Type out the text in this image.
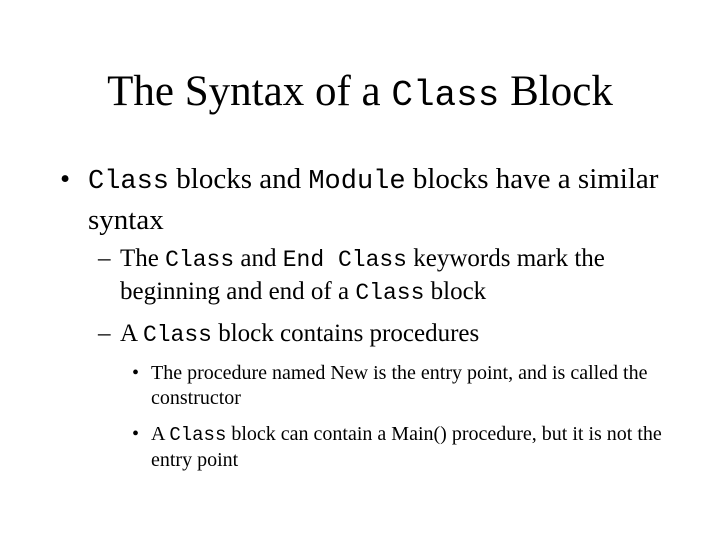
The Syntax of a Class Block
• Class blocks and Module blocks have a similar syntax
– The Class and End Class keywords mark the beginning and end of a Class block
– A Class block contains procedures
• The procedure named New is the entry point, and is called the constructor
• A Class block can contain a Main() procedure, but it is not the entry point
